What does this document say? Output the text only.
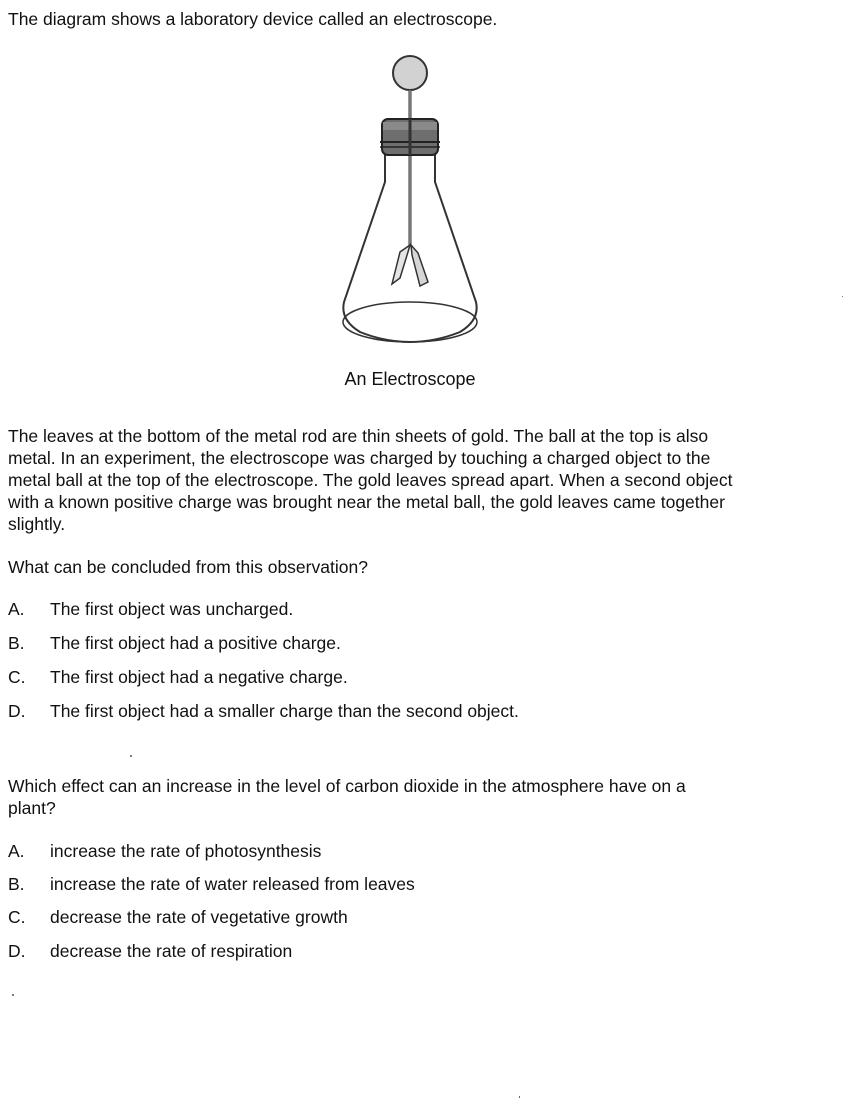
The diagram shows a laboratory device called an electroscope.
An Electroscope
The leaves at the bottom of the metal rod are thin sheets of gold. The ball at the top is also
metal. In an experiment, the electroscope was charged by touching a charged object to the
metal ball at the top of the electroscope. The gold leaves spread apart. When a second object
with a known positive charge was brought near the metal ball, the gold leaves came together
slightly.
What can be concluded from this observation?
A. The first object was uncharged.
B. The first object had a positive charge.
C. The first object had a negative charge.
D. The first object had a smaller charge than the second object.
Which effect can an increase in the level of carbon dioxide in the atmosphere have on a
plant?
A. increase the rate of photosynthesis
B. increase the rate of water released from leaves
C. decrease the rate of vegetative growth
D. decrease the rate of respiration
